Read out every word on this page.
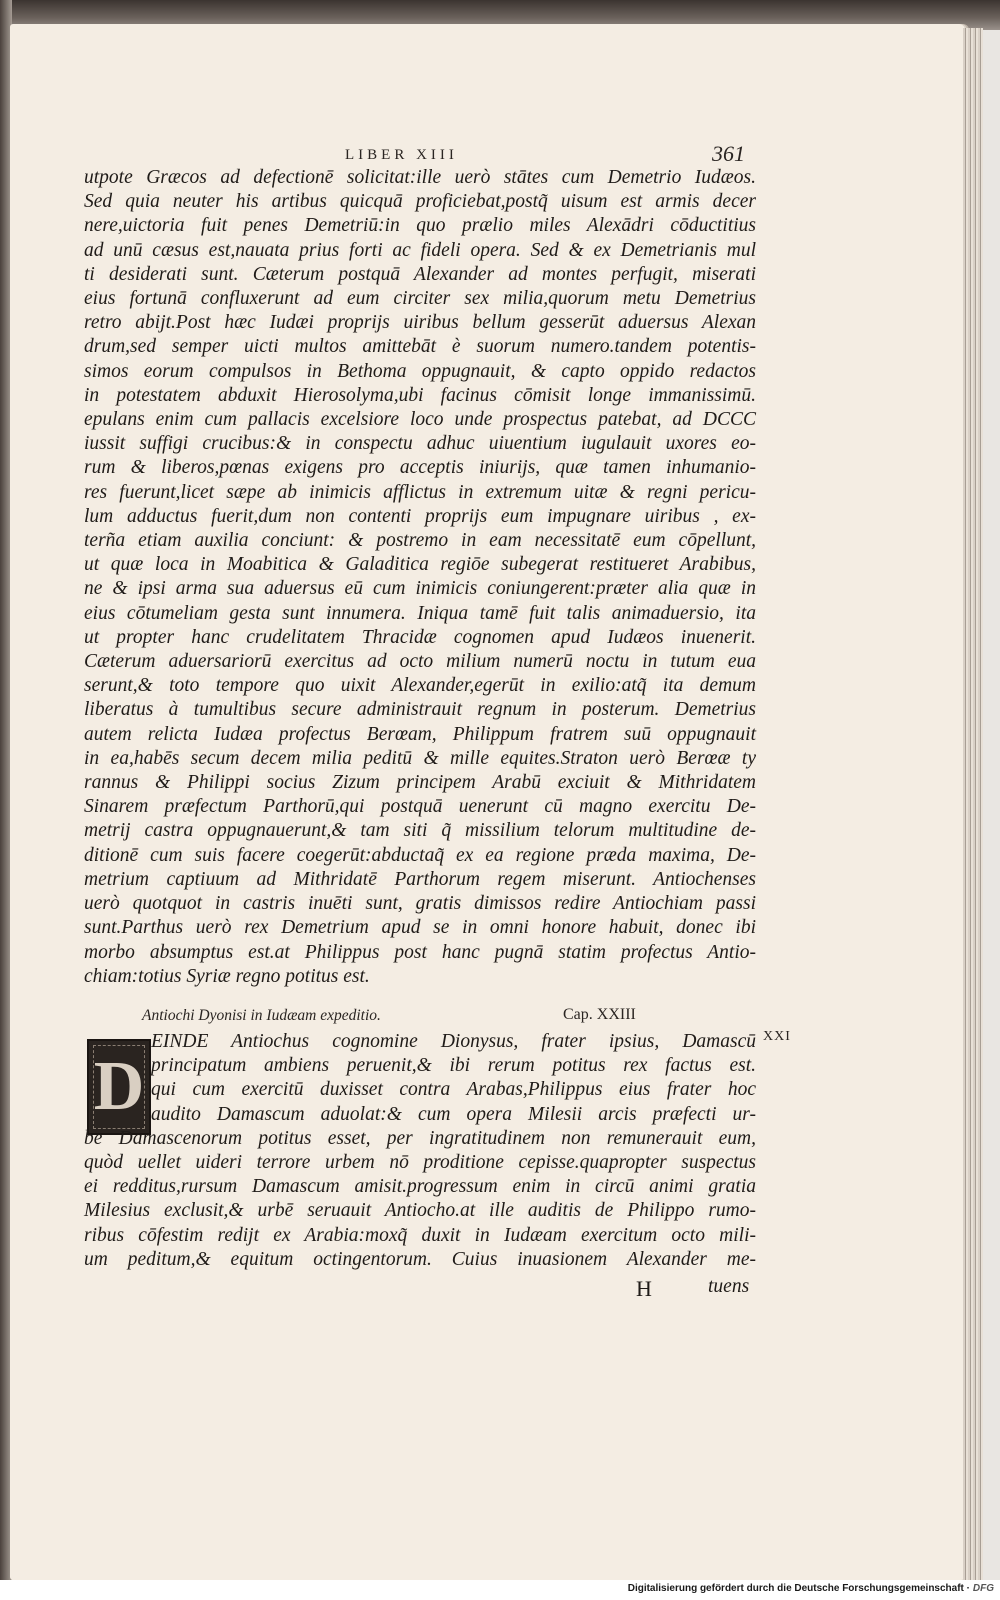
LIBER XIII	361
utpote Græcos ad defectionē solicitat:ille uerò stātes cum Demetrio Iudæos.
Sed quia neuter his artibus quicquā proficiebat,postq̃ uisum est armis decer
nere,uictoria fuit penes Demetriū:in quo prælio miles Alexādri cōductitius
ad unū cæsus est,nauata prius forti ac fideli opera. Sed & ex Demetrianis mul
ti desiderati sunt. Cæterum postquā Alexander ad montes perfugit, miserati
eius fortunā confluxerunt ad eum circiter sex milia,quorum metu Demetrius
retro abijt.Post hæc Iudæi proprijs uiribus bellum gesserūt aduersus Alexan
drum,sed semper uicti multos amittebāt è suorum numero.tandem potentis-
simos eorum compulsos in Bethoma oppugnauit, & capto oppido redactos
in potestatem abduxit Hierosolyma,ubi facinus cōmisit longe immanissimū.
epulans enim cum pallacis excelsiore loco unde prospectus patebat, ad DCCC
iussit suffigi crucibus:& in conspectu adhuc uiuentium iugulauit uxores eo-
rum & liberos,pœnas exigens pro acceptis iniurijs, quæ tamen inhumanio-
res fuerunt,licet sæpe ab inimicis afflictus in extremum uitæ & regni pericu-
lum adductus fuerit,dum non contenti proprijs eum impugnare uiribus , ex-
terña etiam auxilia conciunt: & postremo in eam necessitatē eum cōpellunt,
ut quæ loca in Moabitica & Galaditica regiōe subegerat restitueret Arabibus,
ne & ipsi arma sua aduersus eū cum inimicis coniungerent:præter alia quæ in
eius cōtumeliam gesta sunt innumera. Iniqua tamē fuit talis animaduersio, ita
ut propter hanc crudelitatem Thracidæ cognomen apud Iudæos inuenerit.
Cæterum aduersariorū exercitus ad octo milium numerū noctu in tutum eua
serunt,& toto tempore quo uixit Alexander,egerūt in exilio:atq̃ ita demum
liberatus à tumultibus secure administrauit regnum in posterum. Demetrius
autem relicta Iudæa profectus Berœam, Philippum fratrem suū oppugnauit
in ea,habēs secum decem milia peditū & mille equites.Straton uerò Berœæ ty
rannus & Philippi socius Zizum principem Arabū exciuit & Mithridatem
Sinarem præfectum Parthorū,qui postquā uenerunt cū magno exercitu De-
metrij castra oppugnauerunt,& tam siti q̃ missilium telorum multitudine de-
ditionē cum suis facere coegerūt:abductaq̃ ex ea regione præda maxima, De-
metrium captiuum ad Mithridatē Parthorum regem miserunt. Antiochenses
uerò quotquot in castris inuēti sunt, gratis dimissos redire Antiochiam passi
sunt.Parthus uerò rex Demetrium apud se in omni honore habuit, donec ibi
morbo absumptus est.at Philippus post hanc pugnā statim profectus Antio-
chiam:totius Syriæ regno potitus est.
Antiochi Dyonisi in Iudæam expeditio.	Cap. XXIII
XXI
D
EINDE Antiochus cognomine Dionysus, frater ipsius, Damascū
principatum ambiens peruenit,& ibi rerum potitus rex factus est.
qui cum exercitū duxisset contra Arabas,Philippus eius frater hoc
audito Damascum aduolat:& cum opera Milesii arcis præfecti ur-
be Damascenorum potitus esset, per ingratitudinem non remunerauit eum,
quòd uellet uideri terrore urbem nō proditione cepisse.quapropter suspectus
ei redditus,rursum Damascum amisit.progressum enim in circū animi gratia
Milesius exclusit,& urbē seruauit Antiocho.at ille auditis de Philippo rumo-
ribus cōfestim redijt ex Arabia:moxq̃ duxit in Iudæam exercitum octo mili-
um peditum,& equitum octingentorum. Cuius inuasionem Alexander me-
H	tuens
Digitalisierung gefördert durch die Deutsche Forschungsgemeinschaft · DFG
